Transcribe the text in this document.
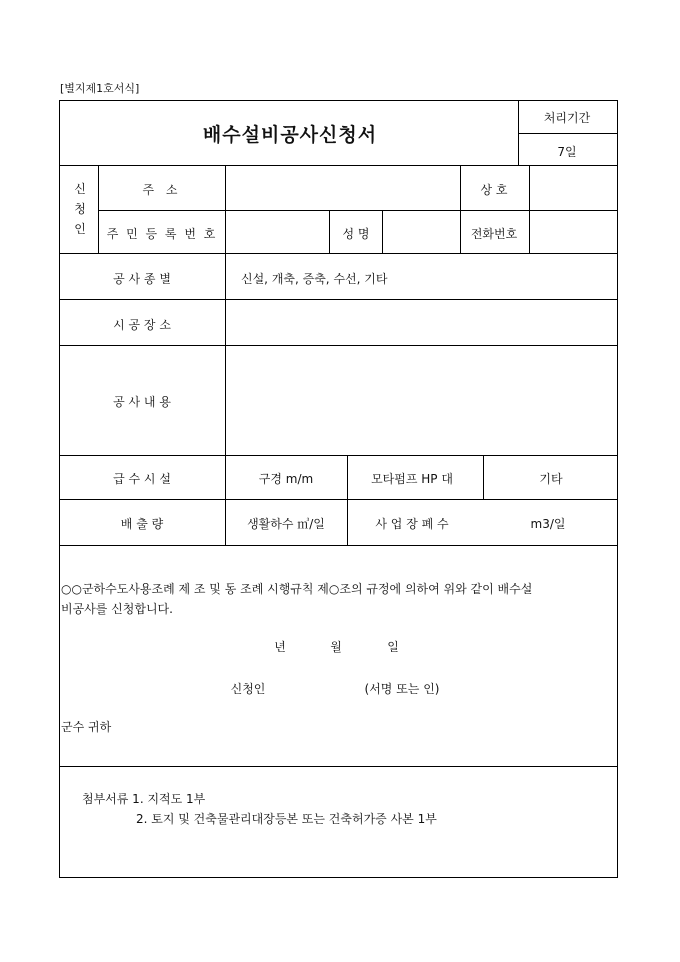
[별지제1호서식]
배수설비공사신청서
처리기간
7일
신
청
인
주 소	상 호
주 민 등 록 번 호	성 명	전화번호
공 사 종 별	신설, 개축, 증축, 수선, 기타
시 공 장 소
공 사 내 용
급 수 시 설	구경 m/m	모타펌프 HP 대	기타
배 출 량	생활하수 ㎥/일	사 업 장 폐 수	m3/일
○○군하수도사용조례 제 조 및 동 조례 시행규칙 제○조의 규정에 의하여 위와 같이 배수설
비공사를 신청합니다.
년	월	일
신청인	(서명 또는 인)
군수 귀하
첨부서류 1. 지적도 1부
2. 토지 및 건축물관리대장등본 또는 건축허가증 사본 1부
